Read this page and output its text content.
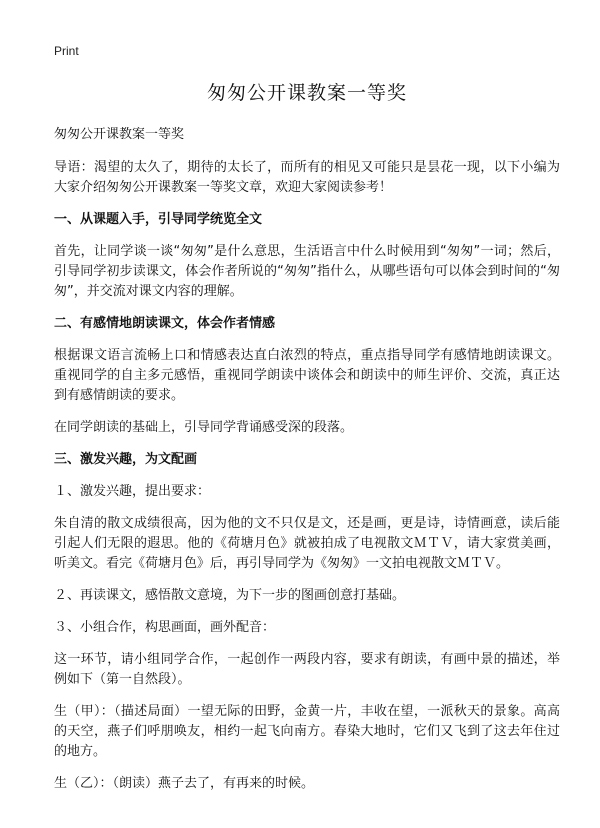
Print
匆匆公开课教案一等奖
匆匆公开课教案一等奖

导语：渴望的太久了，期待的太长了，而所有的相见又可能只是昙花一现，以下小编为大家介绍匆匆公开课教案一等奖文章，欢迎大家阅读参考！

一、从课题入手，引导同学统览全文

首先，让同学谈一谈“匆匆”是什么意思，生活语言中什么时候用到“匆匆”一词；然后，引导同学初步读课文，体会作者所说的“匆匆”指什么，从哪些语句可以体会到时间的“匆匆”，并交流对课文内容的理解。

二、有感情地朗读课文，体会作者情感

根据课文语言流畅上口和情感表达直白浓烈的特点，重点指导同学有感情地朗读课文。重视同学的自主多元感悟，重视同学朗读中谈体会和朗读中的师生评价、交流，真正达到有感情朗读的要求。

在同学朗读的基础上，引导同学背诵感受深的段落。

三、激发兴趣，为文配画

１、激发兴趣，提出要求：

朱自清的散文成绩很高，因为他的文不只仅是文，还是画，更是诗，诗情画意，读后能引起人们无限的遐思。他的《荷塘月色》就被拍成了电视散文ＭＴＶ，请大家赏美画，听美文。看完《荷塘月色》后，再引导同学为《匆匆》一文拍电视散文ＭＴＶ。

２、再读课文，感悟散文意境，为下一步的图画创意打基础。

３、小组合作，构思画面，画外配音：

这一环节，请小组同学合作，一起创作一两段内容，要求有朗读，有画中景的描述，举例如下（第一自然段）。

生（甲）：（描述局面）一望无际的田野，金黄一片，丰收在望，一派秋天的景象。高高的天空，燕子们呼朋唤友，相约一起飞向南方。春染大地时，它们又飞到了这去年住过的地方。

生（乙）：（朗读）燕子去了，有再来的时候。
